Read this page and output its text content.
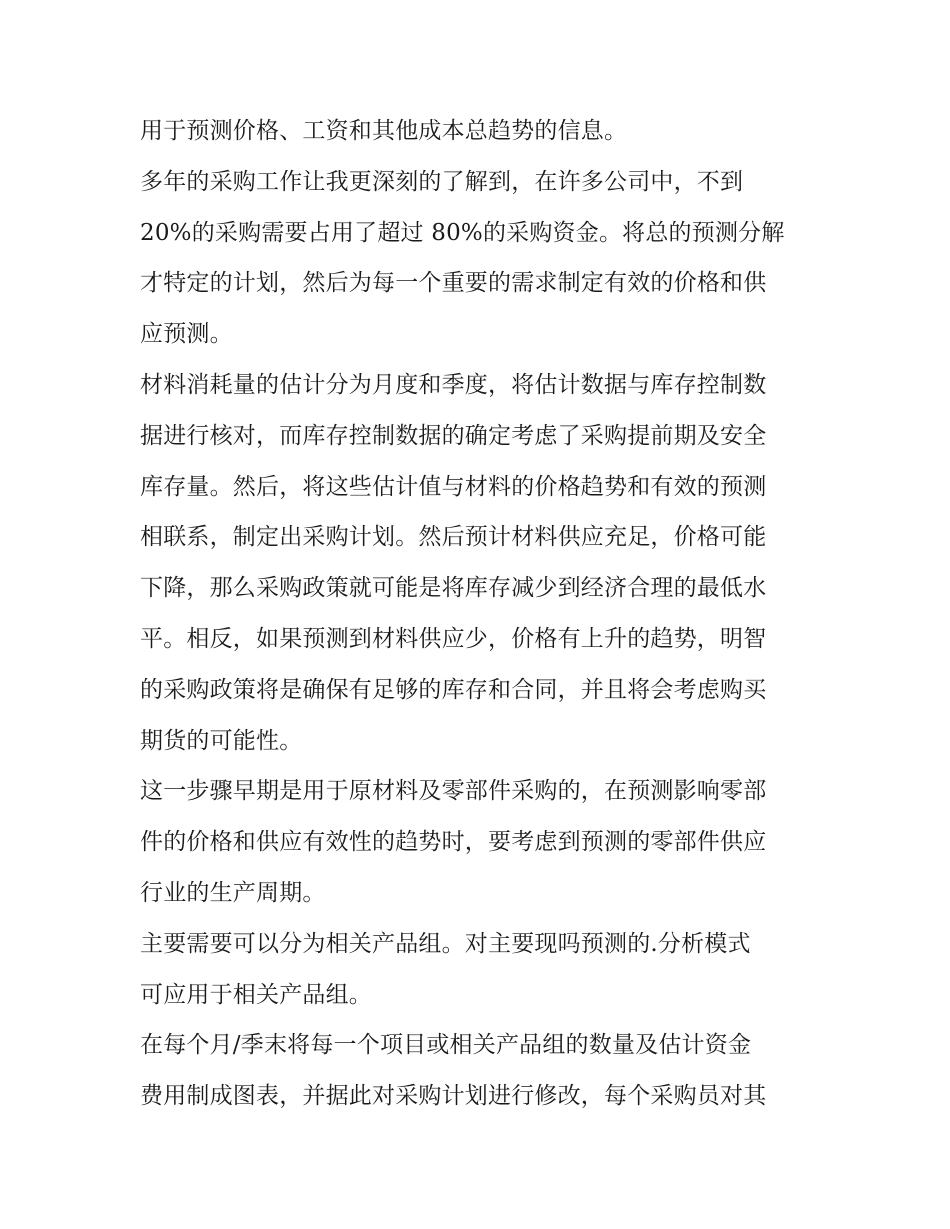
用于预测价格、工资和其他成本总趋势的信息。
多年的采购工作让我更深刻的了解到，在许多公司中，不到
20%的采购需要占用了超过 80%的采购资金。将总的预测分解
才特定的计划，然后为每一个重要的需求制定有效的价格和供
应预测。
材料消耗量的估计分为月度和季度，将估计数据与库存控制数
据进行核对，而库存控制数据的确定考虑了采购提前期及安全
库存量。然后，将这些估计值与材料的价格趋势和有效的预测
相联系，制定出采购计划。然后预计材料供应充足，价格可能
下降，那么采购政策就可能是将库存减少到经济合理的最低水
平。相反，如果预测到材料供应少，价格有上升的趋势，明智
的采购政策将是确保有足够的库存和合同，并且将会考虑购买
期货的可能性。
这一步骤早期是用于原材料及零部件采购的，在预测影响零部
件的价格和供应有效性的趋势时，要考虑到预测的零部件供应
行业的生产周期。
主要需要可以分为相关产品组。对主要现吗预测的.分析模式
可应用于相关产品组。
在每个月/季末将每一个项目或相关产品组的数量及估计资金
费用制成图表，并据此对采购计划进行修改，每个采购员对其
